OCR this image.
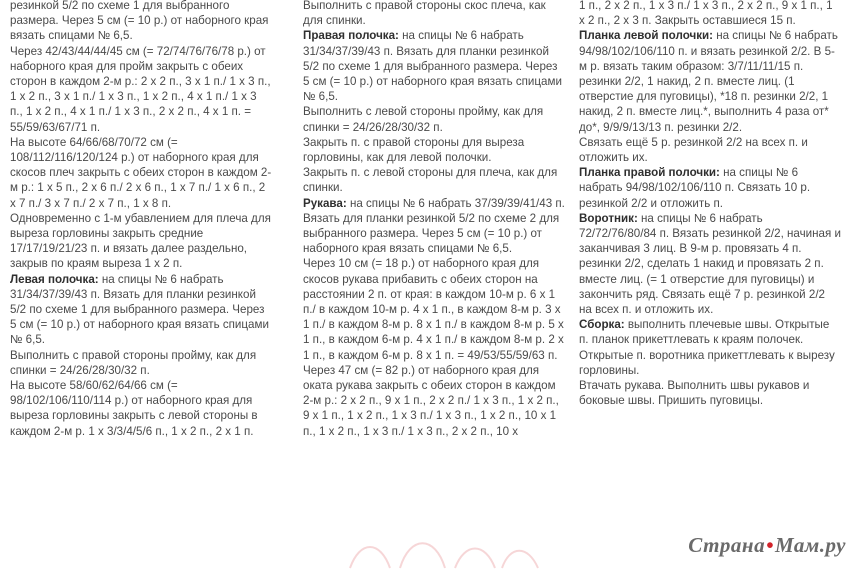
резинкой 5/2 по схеме 1 для выбранного размера. Через 5 см (= 10 р.) от наборного края вязать спицами № 6,5.

Через 42/43/44/44/45 см (= 72/74/76/76/78 р.) от наборного края для пройм закрыть с обеих сторон в каждом 2-м р.: 2 x 2 п., 3 x 1 п./ 1 x 3 п., 1 x 2 п., 3 x 1 п./ 1 x 3 п., 1 x 2 п., 4 x 1 п./ 1 x 3 п., 1 x 2 п., 4 x 1 п./ 1 x 3 п., 2 x 2 п., 4 x 1 п. = 55/59/63/67/71 п.

На высоте 64/66/68/70/72 см (= 108/112/116/120/124 р.) от наборного края для скосов плеч закрыть с обеих сторон в каждом 2-м р.: 1 x 5 п., 2 x 6 п./ 2 x 6 п., 1 x 7 п./ 1 x 6 п., 2 x 7 п./ 3 x 7 п./ 2 x 7 п., 1 x 8 п.

Одновременно с 1-м убавлением для плеча для выреза горловины закрыть средние 17/17/19/21/23 п. и вязать далее раздельно, закрыв по краям выреза 1 x 2 п.

Левая полочка: на спицы № 6 набрать 31/34/37/39/43 п. Вязать для планки резинкой 5/2 по схеме 1 для выбранного размера. Через 5 см (= 10 р.) от наборного края вязать спицами № 6,5.

Выполнить с правой стороны пройму, как для спинки = 24/26/28/30/32 п.

На высоте 58/60/62/64/66 см (= 98/102/106/110/114 р.) от наборного края для выреза горловины закрыть с левой стороны в каждом 2-м р. 1 x 3/3/4/5/6 п., 1 x 2 п., 2 x 1 п.

Выполнить с правой стороны скос плеча, как для спинки.

Правая полочка: на спицы № 6 набрать 31/34/37/39/43 п. Вязать для планки резинкой 5/2 по схеме 1 для выбранного размера. Через 5 см (= 10 р.) от наборного края вязать спицами № 6,5.

Выполнить с левой стороны пройму, как для спинки = 24/26/28/30/32 п.

Закрыть п. с правой стороны для выреза горловины, как для левой полочки.

Закрыть п. с левой стороны для плеча, как для спинки.

Рукава: на спицы № 6 набрать 37/39/39/41/43 п. Вязать для планки резинкой 5/2 по схеме 2 для выбранного размера. Через 5 см (= 10 р.) от наборного края вязать спицами № 6,5.

Через 10 см (= 18 р.) от наборного края для скосов рукава прибавить с обеих сторон на расстоянии 2 п. от края: в каждом 10-м р. 6 x 1 п./ в каждом 10-м р. 4 x 1 п., в каждом 8-м р. 3 x 1 п./ в каждом 8-м р. 8 x 1 п./ в каждом 8-м р. 5 x 1 п., в каждом 6-м р. 4 x 1 п./ в каждом 8-м р. 2 x 1 п., в каждом 6-м р. 8 x 1 п. = 49/53/55/59/63 п.

Через 47 см (= 82 р.) от наборного края для оката рукава закрыть с обеих сторон в каждом 2-м р.: 2 x 2 п., 9 x 1 п., 2 x 2 п./ 1 x 3 п., 1 x 2 п., 9 x 1 п., 1 x 2 п., 1 x 3 п./ 1 x 3 п., 1 x 2 п., 10 x 1 п., 1 x 2 п., 1 x 3 п./ 1 x 3 п., 2 x 2 п., 10 x

1 п., 2 x 2 п., 1 x 3 п./ 1 x 3 п., 2 x 2 п., 9 x 1 п., 1 x 2 п., 2 x 3 п. Закрыть оставшиеся 15 п.

Планка левой полочки: на спицы № 6 набрать 94/98/102/106/110 п. и вязать резинкой 2/2. В 5-м р. вязать таким образом: 3/7/11/11/15 п. резинки 2/2, 1 накид, 2 п. вместе лиц. (1 отверстие для пуговицы), *18 п. резинки 2/2, 1 накид, 2 п. вместе лиц.*, выполнить 4 раза от* до*, 9/9/9/13/13 п. резинки 2/2.

Связать ещё 5 р. резинкой 2/2 на всех п. и отложить их.

Планка правой полочки: на спицы № 6 набрать 94/98/102/106/110 п. Связать 10 р. резинкой 2/2 и отложить п.

Воротник: на спицы № 6 набрать 72/72/76/80/84 п. Вязать резинкой 2/2, начиная и заканчивая 3 лиц. В 9-м р. провязать 4 п. резинки 2/2, сделать 1 накид и провязать 2 п. вместе лиц. (= 1 отверстие для пуговицы) и закончить ряд. Связать ещё 7 р. резинкой 2/2 на всех п. и отложить их.

Сборка: выполнить плечевые швы. Открытые п. планок прикеттлевать к краям полочек. Открытые п. воротника прикеттлевать к вырезу горловины.

Втачать рукава. Выполнить швы рукавов и боковые швы. Пришить пуговицы.

Страна•Мам.ру
